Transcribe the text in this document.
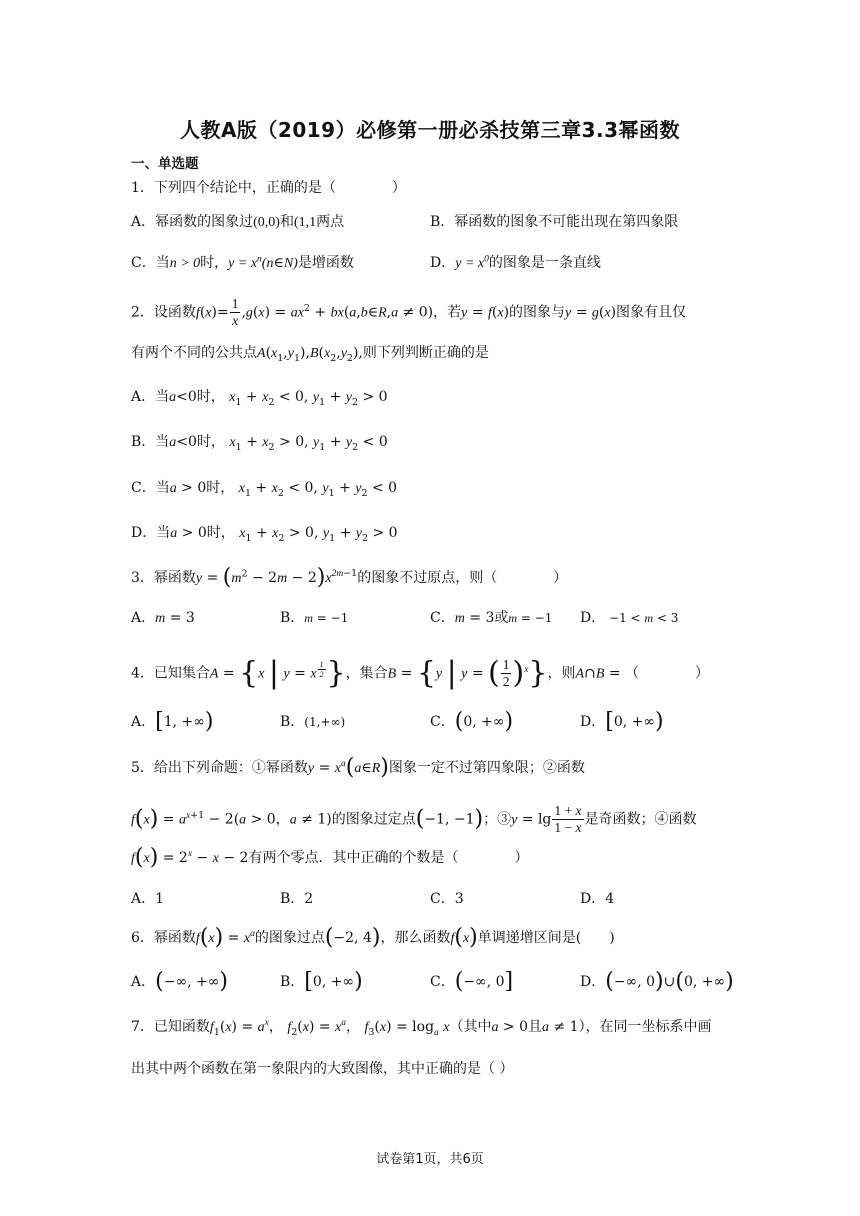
人教A版（2019）必修第一册必杀技第三章3.3幂函数
一、单选题
1．下列四个结论中，正确的是（　　　　）
A．幂函数的图象过(0,0)和(1,1两点	B．幂函数的图象不可能出现在第四象限
C．当n > 0时，$y = x^n(n\in N)$是增函数	D．$y = x^0$的图象是一条直线
2．设函数$f(x)= \frac{1}{x} ,g(x) = ax^2$ + bx(a,b∈R,a ≠ 0)，若y = f(x)的图象与y = g(x)图象有且仅
有两个不同的公共点$A(x_1,y_1),B(x_2,y_2)$,则下列判断正确的是
A．当a<0时， $x_1 + x_2 < 0$, $y_1 + y_2 > 0$
B．当a<0时， $x_1 + x_2 > 0$, $y_1 + y_2 < 0$
C．当a > 0时， $x_1 + x_2 < 0$, $y_1 + y_2 < 0$
D．当a > 0时， $x_1 + x_2 > 0$, $y_1 + y_2 > 0$
3．幂函数$y = (m^2 - 2m - 2)x^{2m-1}$的图象不过原点，则（　　　　）
A．m = 3	B．m = −1	C．m = 3或m = −1 D． −1 < m < 3
4．已知集合A = {x | y = x $^{\frac{1}{2}}$ }，集合B = {y | y = ( $\frac{1}{2} )^x$}，则A∩B = （　　　　）
A．[1, +∞)	B．(1,+∞)	C．(0, +∞)	D．[0, +∞)
5．给出下列命题：①幂函数$y = x^a(a\in R)$图象一定不过第四象限；②函数
$f(x) = a^{x+1} - 2(a > 0$，a ≠ 1)的图象过定点(−1, −1)；③y = $\lg \frac{1 + x}{1 - x}$ 是奇函数；④函数
$f(x) = 2^x - x - 2$有两个零点．其中正确的个数是（　　　　）
A．1	B．2	C．3	D．4
6．幂函数$f(x) = x^a$的图象过点(−2, 4)，那么函数f(x)单调递增区间是(　　)
A．(−∞, +∞)	B．[0, +∞)	C．(−∞, 0]	D．(−∞, 0)∪(0, +∞)
7．已知函数$f_1(x) = a^x$， $f_2(x) = x^a$， $f_3(x) = \log_a x$（其中a > 0且a ≠ 1），在同一坐标系中画
出其中两个函数在第一象限内的大致图像，其中正确的是（ ）
试卷第1页，共6页
